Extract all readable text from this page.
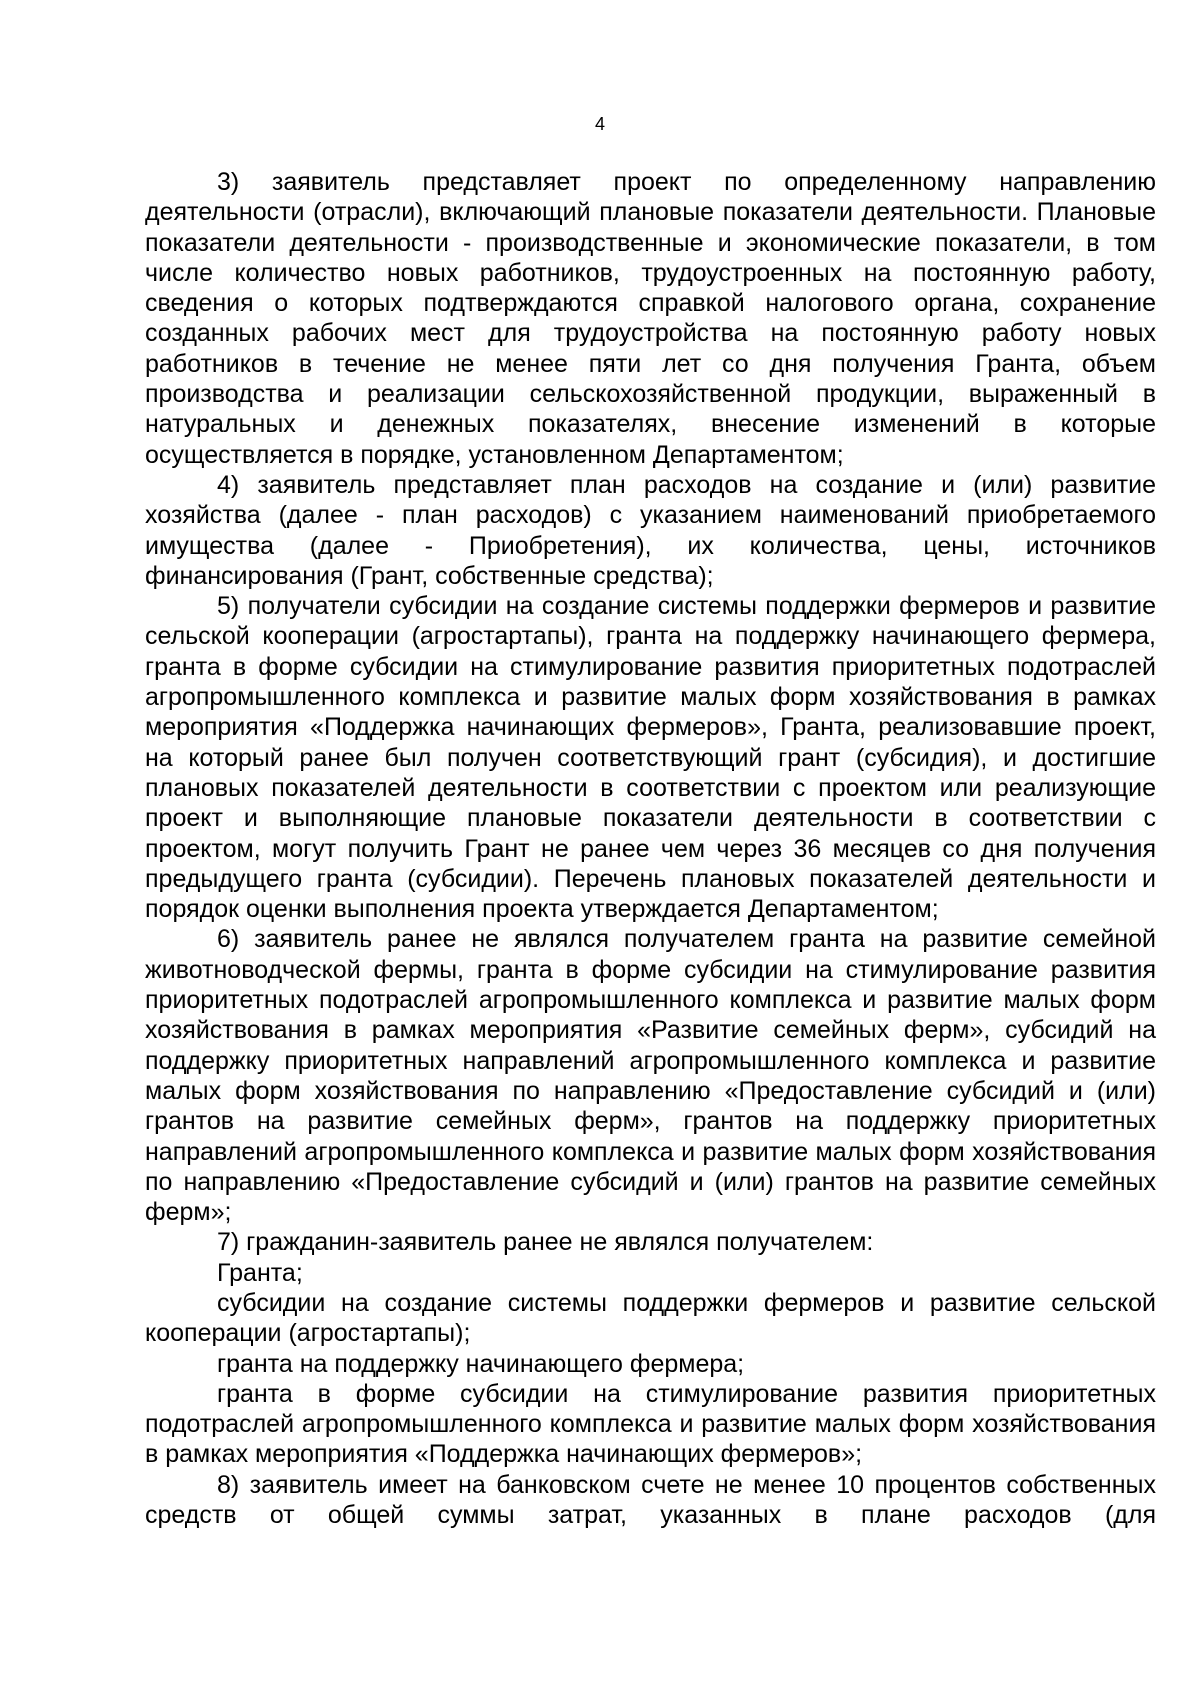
4

3) заявитель представляет проект по определенному направлению деятельности (отрасли), включающий плановые показатели деятельности. Плановые показатели деятельности - производственные и экономические показатели, в том числе количество новых работников, трудоустроенных на постоянную работу, сведения о которых подтверждаются справкой налогового органа, сохранение созданных рабочих мест для трудоустройства на постоянную работу новых работников в течение не менее пяти лет со дня получения Гранта, объем производства и реализации сельскохозяйственной продукции, выраженный в натуральных и денежных показателях, внесение изменений в которые осуществляется в порядке, установленном Департаментом;

4) заявитель представляет план расходов на создание и (или) развитие хозяйства (далее - план расходов) с указанием наименований приобретаемого имущества (далее - Приобретения), их количества, цены, источников финансирования (Грант, собственные средства);

5) получатели субсидии на создание системы поддержки фермеров и развитие сельской кооперации (агростартапы), гранта на поддержку начинающего фермера, гранта в форме субсидии на стимулирование развития приоритетных подотраслей агропромышленного комплекса и развитие малых форм хозяйствования в рамках мероприятия «Поддержка начинающих фермеров», Гранта, реализовавшие проект, на который ранее был получен соответствующий грант (субсидия), и достигшие плановых показателей деятельности в соответствии с проектом или реализующие проект и выполняющие плановые показатели деятельности в соответствии с проектом, могут получить Грант не ранее чем через 36 месяцев со дня получения предыдущего гранта (субсидии). Перечень плановых показателей деятельности и порядок оценки выполнения проекта утверждается Департаментом;

6) заявитель ранее не являлся получателем гранта на развитие семейной животноводческой фермы, гранта в форме субсидии на стимулирование развития приоритетных подотраслей агропромышленного комплекса и развитие малых форм хозяйствования в рамках мероприятия «Развитие семейных ферм», субсидий на поддержку приоритетных направлений агропромышленного комплекса и развитие малых форм хозяйствования по направлению «Предоставление субсидий и (или) грантов на развитие семейных ферм», грантов на поддержку приоритетных направлений агропромышленного комплекса и развитие малых форм хозяйствования по направлению «Предоставление субсидий и (или) грантов на развитие семейных ферм»;

7) гражданин-заявитель ранее не являлся получателем:

Гранта;

субсидии на создание системы поддержки фермеров и развитие сельской кооперации (агростартапы);

гранта на поддержку начинающего фермера;

гранта в форме субсидии на стимулирование развития приоритетных подотраслей агропромышленного комплекса и развитие малых форм хозяйствования в рамках мероприятия «Поддержка начинающих фермеров»;

8) заявитель имеет на банковском счете не менее 10 процентов собственных средств от общей суммы затрат, указанных в плане расходов (для
